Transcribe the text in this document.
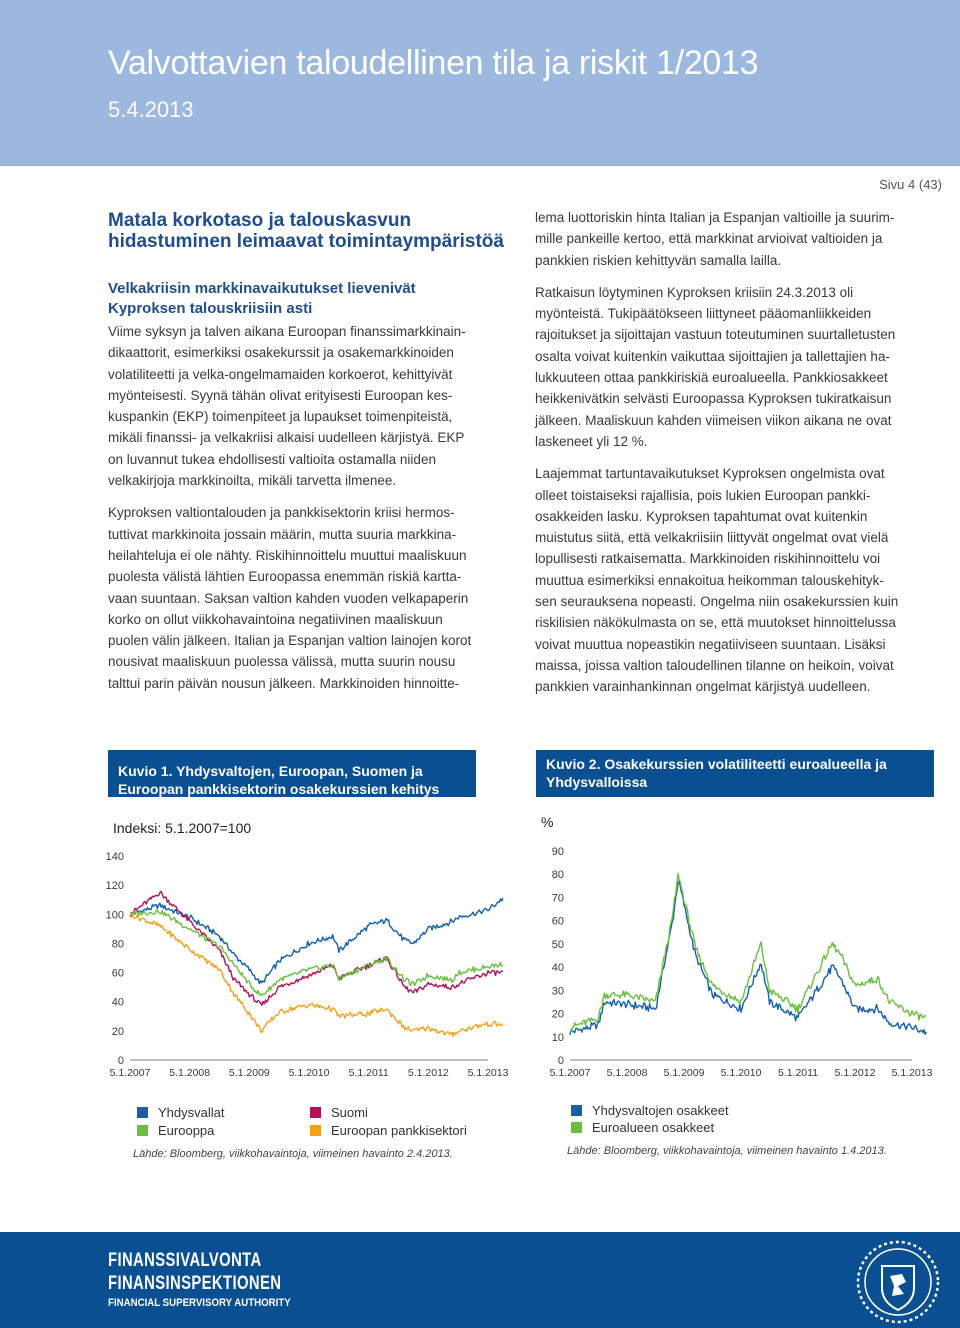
Valvottavien taloudellinen tila ja riskit 1/2013
5.4.2013
Sivu 4 (43)
Matala korkotaso ja talouskasvun
hidastuminen leimaavat toimintaympäristöä
Velkakriisin markkinavaikutukset lievenivät
Kyproksen talouskriisiin asti

Viime syksyn ja talven aikana Euroopan finanssimarkkinain-

dikaattorit, esimerkiksi osakekurssit ja osakemarkkinoiden

volatiliteetti ja velka-ongelmamaiden korkoerot, kehittyivät

myönteisesti. Syynä tähän olivat erityisesti Euroopan kes-

kuspankin (EKP) toimenpiteet ja lupaukset toimenpiteistä,

mikäli finanssi- ja velkakriisi alkaisi uudelleen kärjistyä. EKP

on luvannut tukea ehdollisesti valtioita ostamalla niiden

velkakirjoja markkinoilta, mikäli tarvetta ilmenee.

Kyproksen valtiontalouden ja pankkisektorin kriisi hermos-

tuttivat markkinoita jossain määrin, mutta suuria markkina-

heilahteluja ei ole nähty. Riskihinnoittelu muuttui maaliskuun

puolesta välistä lähtien Euroopassa enemmän riskiä kartta-

vaan suuntaan. Saksan valtion kahden vuoden velkapaperin

korko on ollut viikkohavaintoina negatiivinen maaliskuun

puolen välin jälkeen. Italian ja Espanjan valtion lainojen korot

nousivat maaliskuun puolessa välissä, mutta suurin nousu

talttui parin päivän nousun jälkeen. Markkinoiden hinnoitte-

lema luottoriskin hinta Italian ja Espanjan valtioille ja suurim-

mille pankeille kertoo, että markkinat arvioivat valtioiden ja

pankkien riskien kehittyvän samalla lailla.

Ratkaisun löytyminen Kyproksen kriisiin 24.3.2013 oli

myönteistä. Tukipäätökseen liittyneet pääomanliikkeiden

rajoitukset ja sijoittajan vastuun toteutuminen suurtalletusten

osalta voivat kuitenkin vaikuttaa sijoittajien ja tallettajien ha-

lukkuuteen ottaa pankkiriskiä euroalueella. Pankkiosakkeet

heikkenivätkin selvästi Euroopassa Kyproksen tukiratkaisun

jälkeen. Maaliskuun kahden viimeisen viikon aikana ne ovat

laskeneet yli 12 %.

Laajemmat tartuntavaikutukset Kyproksen ongelmista ovat

olleet toistaiseksi rajallisia, pois lukien Euroopan pankki-

osakkeiden lasku. Kyproksen tapahtumat ovat kuitenkin

muistutus siitä, että velkakriisiin liittyvät ongelmat ovat vielä

lopullisesti ratkaisematta. Markkinoiden riskihinnoittelu voi

muuttua esimerkiksi ennakoitua heikomman talouskehityk-

sen seurauksena nopeasti. Ongelma niin osakekurssien kuin

riskilisien näkökulmasta on se, että muutokset hinnoittelussa

voivat muuttua nopeastikin negatiiviseen suuntaan. Lisäksi

maissa, joissa valtion taloudellinen tilanne on heikoin, voivat

pankkien varainhankinnan ongelmat kärjistyä uudelleen.

Kuvio 1. Yhdysvaltojen, Euroopan, Suomen ja
Euroopan pankkisektorin osakekurssien kehitys
Indeksi: 5.1.2007=100
0
20
40
60
80
100
120
140
5.1.2007 5.1.2008 5.1.2009 5.1.2010 5.1.2011 5.1.2012 5.1.2013
Yhdysvallat	Suomi
Eurooppa	Euroopan pankkisektori
Lähde: Bloomberg, viikkohavaintoja, viimeinen havainto 2.4.2013.
Kuvio 2. Osakekurssien volatiliteetti euroalueella ja
Yhdysvalloissa
%
0
10
20
30
40
50
60
70
80
90
5.1.2007 5.1.2008 5.1.2009 5.1.2010 5.1.2011 5.1.2012 5.1.2013
Yhdysvaltojen osakkeet
Euroalueen osakkeet
Lähde: Bloomberg, viikkohavaintoja, viimeinen havainto 1.4.2013.
FINANSSIVALVONTA
FINANSINSPEKTIONEN
FINANCIAL SUPERVISORY AUTHORITY
